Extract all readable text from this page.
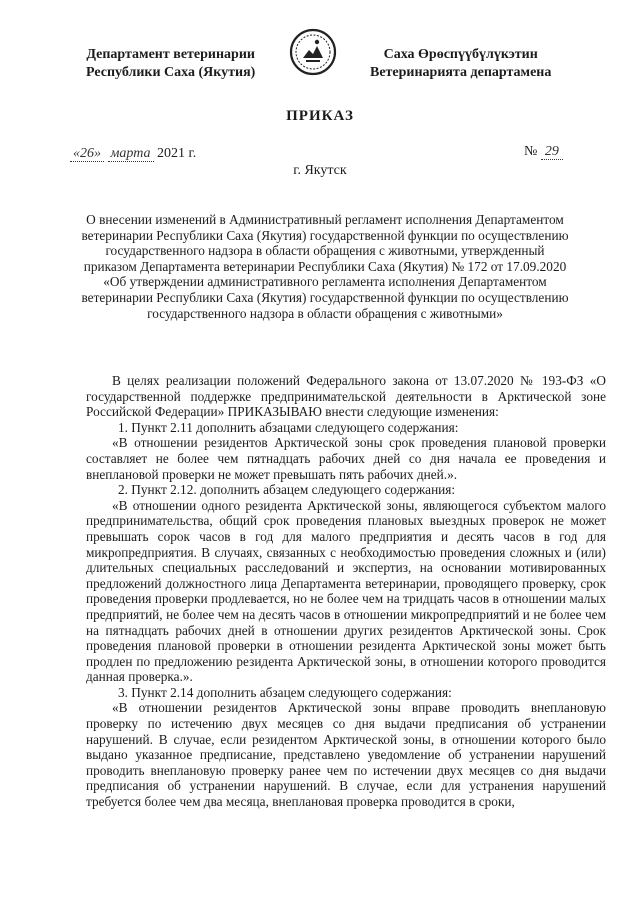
Департамент ветеринарии
Республики Саха (Якутия)
Саха Өрөспүүбүлүкэтин
Ветеринарията департамена
ПРИКАЗ
«26» марта 2021 г.	№ 29
г. Якутск
О внесении изменений в Административный регламент исполнения Департаментом ветеринарии Республики Саха (Якутия) государственной функции по осуществлению государственного надзора в области обращения с животными, утвержденный приказом Департамента ветеринарии Республики Саха (Якутия) № 172 от 17.09.2020 «Об утверждении административного регламента исполнения Департаментом ветеринарии Республики Саха (Якутия) государственной функции по осуществлению государственного надзора в области обращения с животными»

В целях реализации положений Федерального закона от 13.07.2020 № 193-ФЗ «О государственной поддержке предпринимательской деятельности в Арктической зоне Российской Федерации» ПРИКАЗЫВАЮ внести следующие изменения:

1. Пункт 2.11 дополнить абзацами следующего содержания:

«В отношении резидентов Арктической зоны срок проведения плановой проверки составляет не более чем пятнадцать рабочих дней со дня начала ее проведения и внеплановой проверки не может превышать пять рабочих дней.».

2. Пункт 2.12. дополнить абзацем следующего содержания:

«В отношении одного резидента Арктической зоны, являющегося субъектом малого предпринимательства, общий срок проведения плановых выездных проверок не может превышать сорок часов в год для малого предприятия и десять часов в год для микропредприятия. В случаях, связанных с необходимостью проведения сложных и (или) длительных специальных расследований и экспертиз, на основании мотивированных предложений должностного лица Департамента ветеринарии, проводящего проверку, срок проведения проверки продлевается, но не более чем на тридцать часов в отношении малых предприятий, не более чем на десять часов в отношении микропредприятий и не более чем на пятнадцать рабочих дней в отношении других резидентов Арктической зоны. Срок проведения плановой проверки в отношении резидента Арктической зоны может быть продлен по предложению резидента Арктической зоны, в отношении которого проводится данная проверка.».

3. Пункт 2.14 дополнить абзацем следующего содержания:

«В отношении резидентов Арктической зоны вправе проводить внеплановую проверку по истечению двух месяцев со дня выдачи предписания об устранении нарушений. В случае, если резидентом Арктической зоны, в отношении которого было выдано указанное предписание, представлено уведомление об устранении нарушений проводить внеплановую проверку ранее чем по истечении двух месяцев со дня выдачи предписания об устранении нарушений. В случае, если для устранения нарушений требуется более чем два месяца, внеплановая проверка проводится в сроки,
